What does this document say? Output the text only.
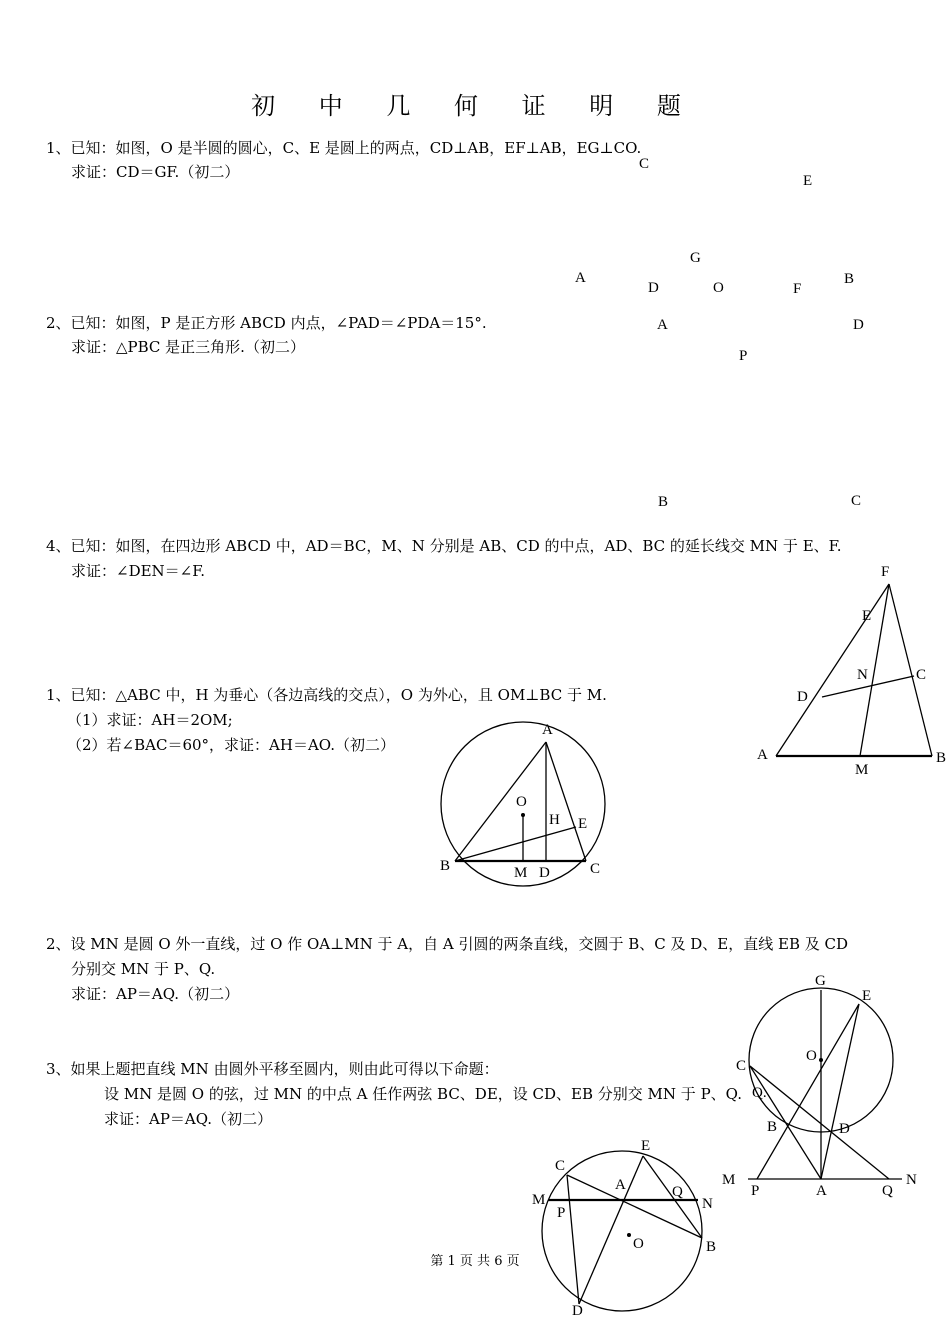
初 中 几 何 证 明 题
1、已知：如图，O 是半圆的圆心，C、E 是圆上的两点，CD⊥AB，EF⊥AB，EG⊥CO.
求证：CD＝GF.（初二）
2、已知：如图，P 是正方形 ABCD 内点，∠PAD＝∠PDA＝15°.
求证：△PBC 是正三角形.（初二）
4、已知：如图，在四边形 ABCD 中，AD＝BC，M、N 分别是 AB、CD 的中点，AD、BC 的延长线交 MN 于 E、F.
求证：∠DEN＝∠F.
1、已知：△ABC 中，H 为垂心（各边高线的交点），O 为外心，且 OM⊥BC 于 M.
（1）求证：AH＝2OM;
（2）若∠BAC＝60°，求证：AH＝AO.（初二）
2、设 MN 是圆 O 外一直线，过 O 作 OA⊥MN 于 A，自 A 引圆的两条直线，交圆于 B、C 及 D、E，直线 EB 及 CD
分别交 MN 于 P、Q.
求证：AP＝AQ.（初二）
3、如果上题把直线 MN 由圆外平移至圆内，则由此可得以下命题：
设 MN 是圆 O 的弦，过 MN 的中点 A 任作两弦 BC、DE，设 CD、EB 分别交 MN 于 P、Q.
求证：AP＝AQ.（初二）
C
E
G
A
D	O	F
B
A	D
P
B	C
F
E
N	C
D
A
M
B
A
O
H E
B	M D	C
G
E
O
C
Q.
B	D
M
P	A	Q
N
E
C
A	Q
M	N
P
O	B
D
第 1 页 共 6 页
